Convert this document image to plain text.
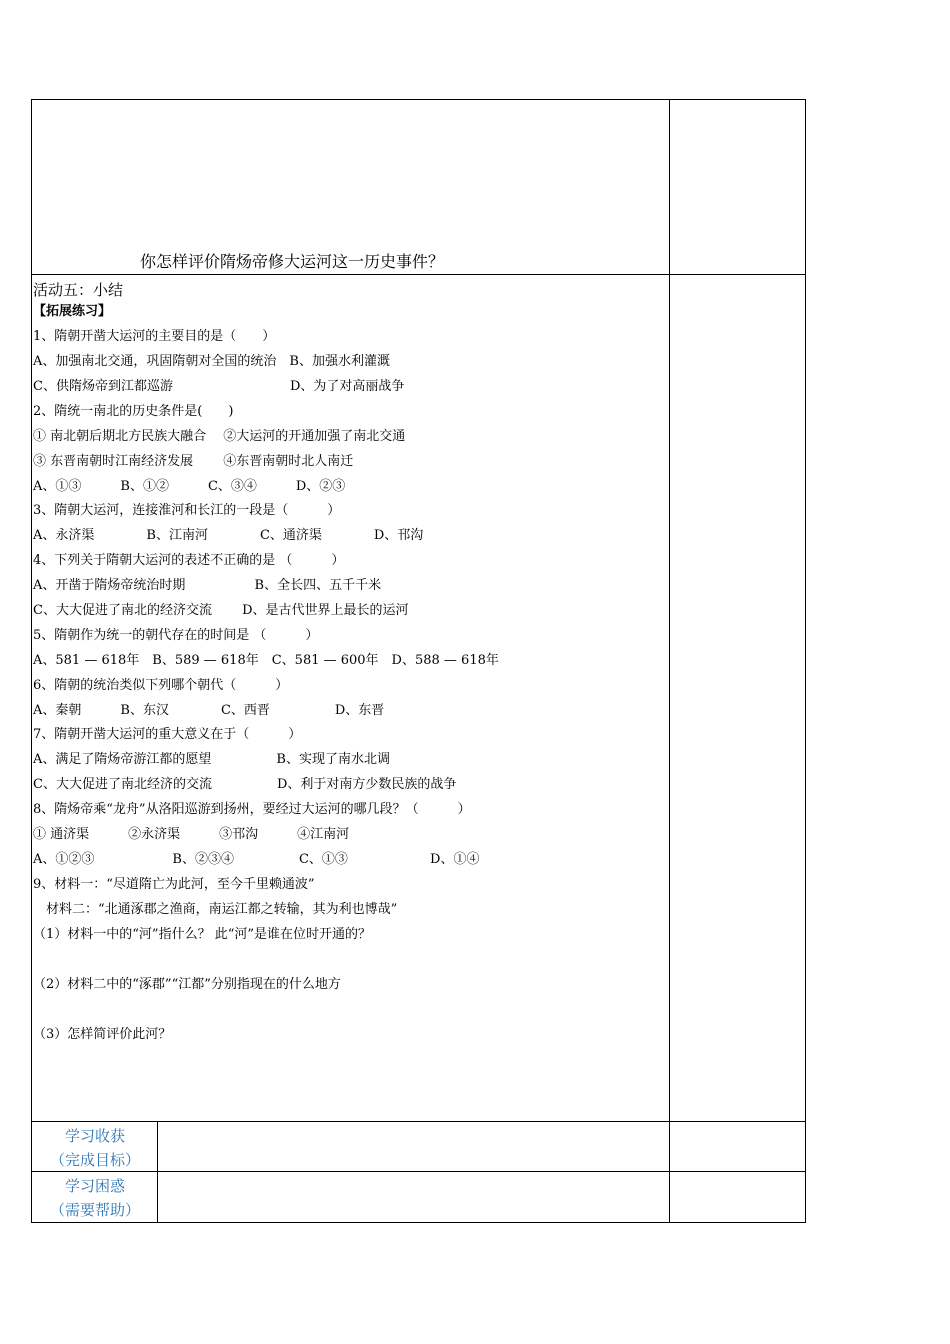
你怎样评价隋炀帝修大运河这一历史事件？
活动五：小结
【拓展练习】
1、隋朝开凿大运河的主要目的是（　　）
A、加强南北交通，巩固隋朝对全国的统治　B、加强水利灌溉
C、供隋炀帝到江都巡游　　　　　　　　　D、为了对高丽战争
2、隋统一南北的历史条件是(　　)
① 南北朝后期北方民族大融合　 ②大运河的开通加强了南北交通
③ 东晋南朝时江南经济发展　　 ④东晋南朝时北人南迁
A、①③　　　B、①②　　　C、③④　　　D、②③
3、隋朝大运河，连接淮河和长江的一段是（　　　）
A、永济渠　　　　B、江南河　　　　C、通济渠　　　　D、邗沟
4、下列关于隋朝大运河的表述不正确的是 （　　　）
A、开凿于隋炀帝统治时期　　　　　 B、全长四、五千千米
C、大大促进了南北的经济交流　　 D、是古代世界上最长的运河
5、隋朝作为统一的朝代存在的时间是 （　　　）
A、581 — 618年　B、589 — 618年　C、581 — 600年　D、588 — 618年
6、隋朝的统治类似下列哪个朝代（　　　）
A、秦朝　　　B、东汉　　　　C、西晋　　　　　D、东晋
7、隋朝开凿大运河的重大意义在于（　　　）
A、满足了隋炀帝游江都的愿望　　　　　B、实现了南水北调
C、大大促进了南北经济的交流　　　　　D、利于对南方少数民族的战争
8、隋炀帝乘“龙舟”从洛阳巡游到扬州，要经过大运河的哪几段？（　　　）
① 通济渠　　　②永济渠　　　③邗沟　　　④江南河
A、①②③　　　　　　B、②③④　　　　　C、①③　　　　　　 D、①④
9、材料一：“尽道隋亡为此河，至今千里赖通波”
　材料二：“北通涿郡之渔商，南运江都之转输，其为利也博哉”
（1）材料一中的“河”指什么？ 此“河”是谁在位时开通的？
（2）材料二中的“涿郡”“江都”分别指现在的什么地方
（3）怎样简评价此河？
学习收获
（完成目标）
学习困惑
（需要帮助）
